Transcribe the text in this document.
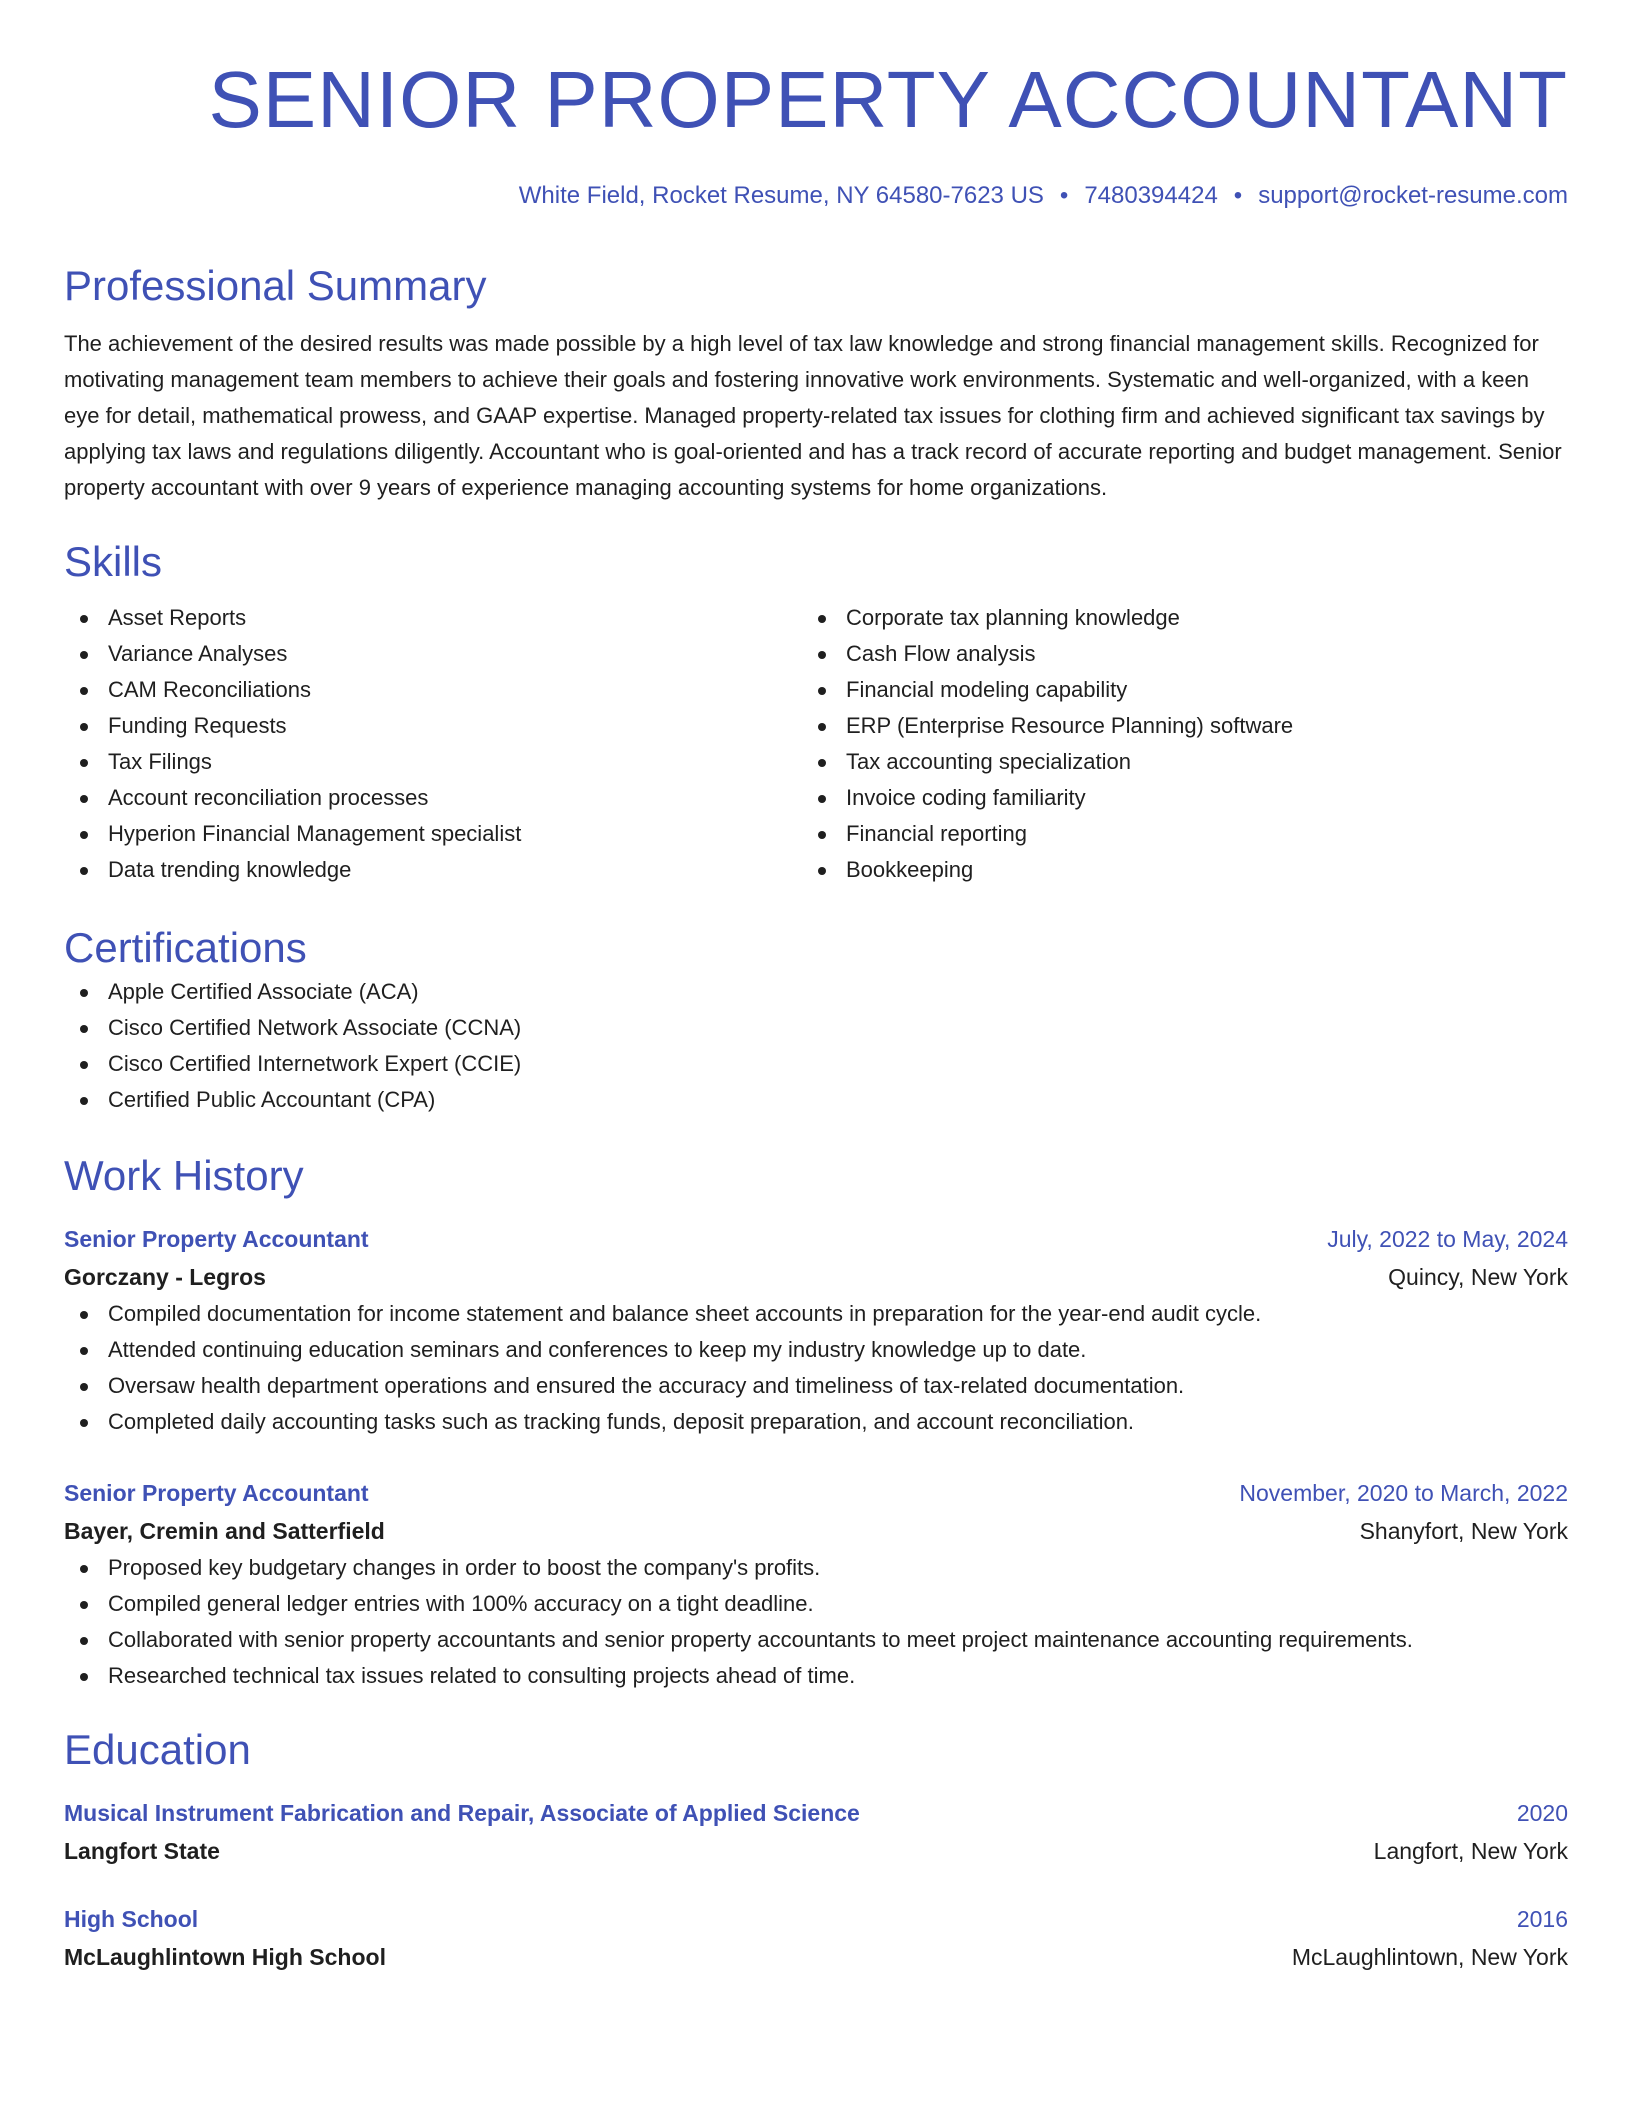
SENIOR PROPERTY ACCOUNTANT
White Field, Rocket Resume, NY 64580-7623 US • 7480394424 • support@rocket-resume.com
Professional Summary

The achievement of the desired results was made possible by a high level of tax law knowledge and strong financial management skills. Recognized for motivating management team members to achieve their goals and fostering innovative work environments. Systematic and well-organized, with a keen eye for detail, mathematical prowess, and GAAP expertise. Managed property-related tax issues for clothing firm and achieved significant tax savings by applying tax laws and regulations diligently. Accountant who is goal-oriented and has a track record of accurate reporting and budget management. Senior property accountant with over 9 years of experience managing accounting systems for home organizations.

Skills
Asset Reports
Variance Analyses
CAM Reconciliations
Funding Requests
Tax Filings
Account reconciliation processes
Hyperion Financial Management specialist
Data trending knowledge
Corporate tax planning knowledge
Cash Flow analysis
Financial modeling capability
ERP (Enterprise Resource Planning) software
Tax accounting specialization
Invoice coding familiarity
Financial reporting
Bookkeeping
Certifications
Apple Certified Associate (ACA)
Cisco Certified Network Associate (CCNA)
Cisco Certified Internetwork Expert (CCIE)
Certified Public Accountant (CPA)
Work History
Senior Property Accountant	July, 2022 to May, 2024
Gorczany - Legros	Quincy, New York
Compiled documentation for income statement and balance sheet accounts in preparation for the year-end audit cycle.
Attended continuing education seminars and conferences to keep my industry knowledge up to date.
Oversaw health department operations and ensured the accuracy and timeliness of tax-related documentation.
Completed daily accounting tasks such as tracking funds, deposit preparation, and account reconciliation.
Senior Property Accountant	November, 2020 to March, 2022
Bayer, Cremin and Satterfield	Shanyfort, New York
Proposed key budgetary changes in order to boost the company's profits.
Compiled general ledger entries with 100% accuracy on a tight deadline.
Collaborated with senior property accountants and senior property accountants to meet project maintenance accounting requirements.
Researched technical tax issues related to consulting projects ahead of time.
Education
Musical Instrument Fabrication and Repair, Associate of Applied Science	2020
Langfort State	Langfort, New York
High School	2016
McLaughlintown High School	McLaughlintown, New York
